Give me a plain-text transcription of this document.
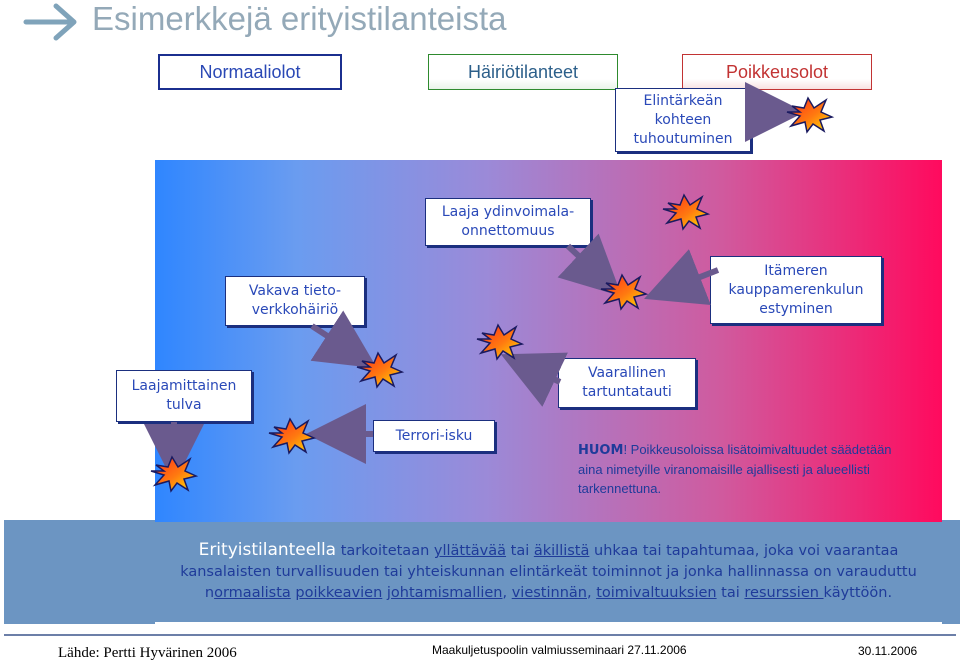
Esimerkkejä erityistilanteista
Normaaliolot	Häiriötilanteet	Poikkeusolot

Erityistilanteella tarkoitetaan yllättävää tai äkillistä uhkaa tai tapahtumaa, joka voi vaarantaa kansalaisten turvallisuuden tai yhteiskunnan elintärkeät toiminnot ja jonka hallinnassa on varauduttu normaalista poikkeavien johtamismallien, viestinnän, toimivaltuuksien tai resurssien käyttöön.

Elintärkeän
kohteen
tuhoutuminen
Laaja ydinvoimala-
onnettomuus
Vakava tieto-
verkkohäiriö
Itämeren
kauppamerenkulun
estyminen
Laajamittainen
tulva
Vaarallinen
tartuntatauti
Terrori-isku
HUOM! Poikkeusoloissa lisätoimivaltuudet säädetään aina nimetyille viranomaisille ajallisesti ja alueellisti tarkennettuna.
Lähde: Pertti Hyvärinen 2006	Maakuljetuspoolin valmiusseminaari 27.11.2006	30.11.2006
